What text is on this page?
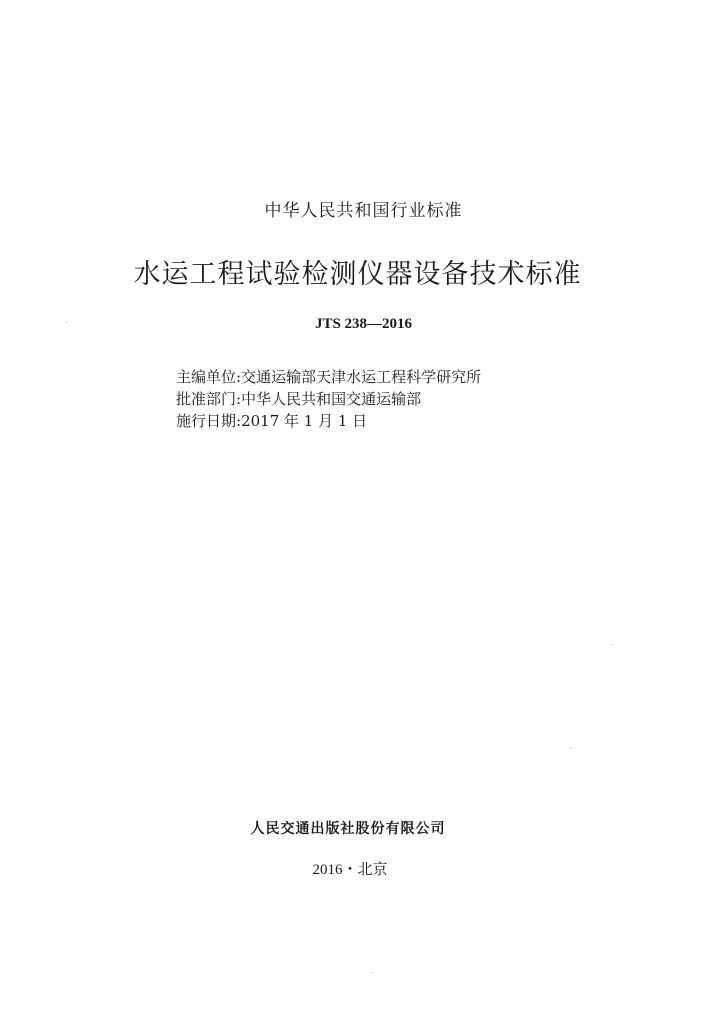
中华人民共和国行业标准
水运工程试验检测仪器设备技术标准
JTS 238—2016
主编单位:交通运输部天津水运工程科学研究所
批准部门:中华人民共和国交通运输部
施行日期:2017 年 1 月 1 日
人民交通出版社股份有限公司
2016・北京
